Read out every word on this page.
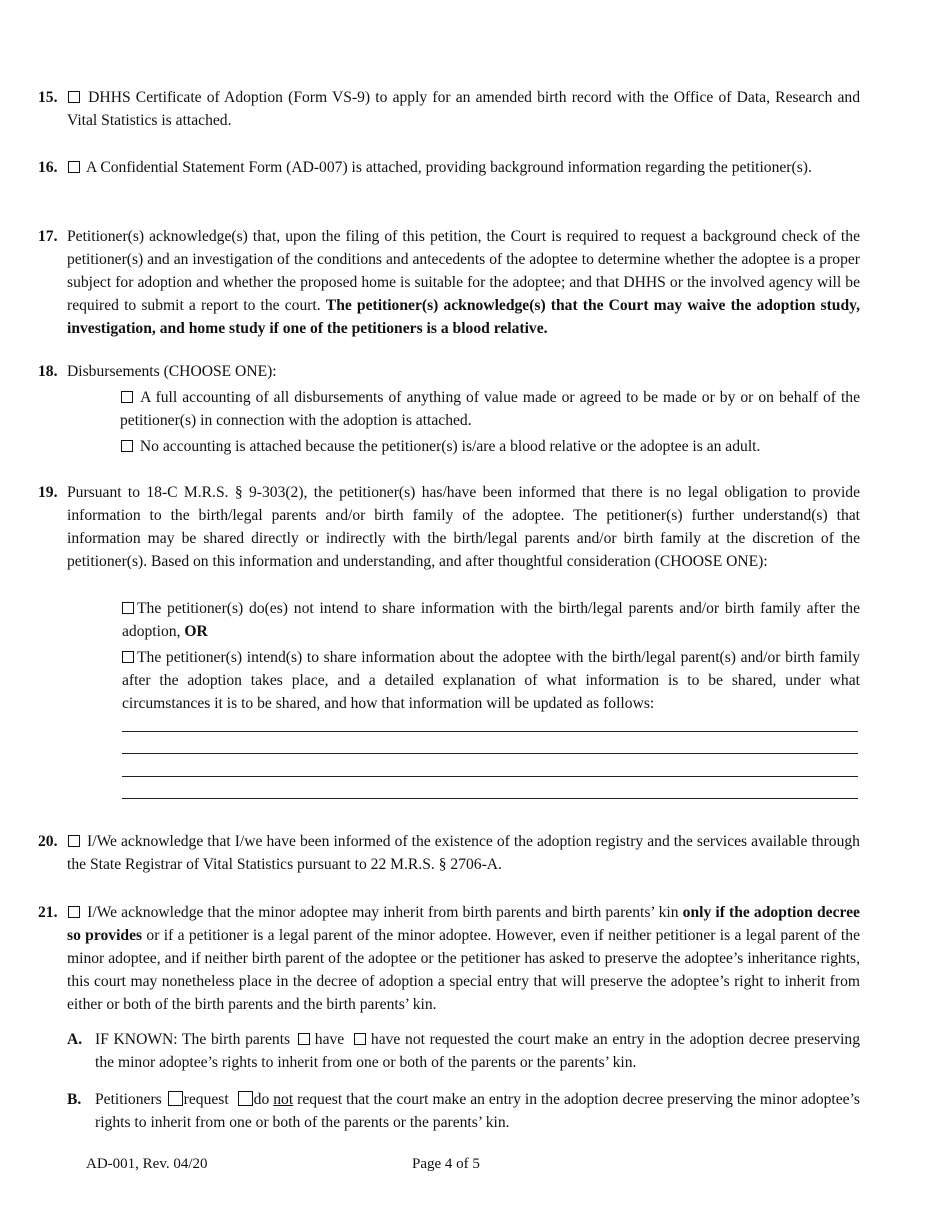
15.	DHHS Certificate of Adoption (Form VS-9) to apply for an amended birth record with the Office of Data, Research and Vital Statistics is attached.
16.	A Confidential Statement Form (AD-007) is attached, providing background information regarding the petitioner(s).
17. Petitioner(s) acknowledge(s) that, upon the filing of this petition, the Court is required to request a background check of the petitioner(s) and an investigation of the conditions and antecedents of the adoptee to determine whether the adoptee is a proper subject for adoption and whether the proposed home is suitable for the adoptee; and that DHHS or the involved agency will be required to submit a report to the court. The petitioner(s) acknowledge(s) that the Court may waive the adoption study, investigation, and home study if one of the petitioners is a blood relative.
18. Disbursements (CHOOSE ONE):
A full accounting of all disbursements of anything of value made or agreed to be made or by or on behalf of the petitioner(s) in connection with the adoption is attached.
No accounting is attached because the petitioner(s) is/are a blood relative or the adoptee is an adult.
19. Pursuant to 18-C M.R.S. § 9-303(2), the petitioner(s) has/have been informed that there is no legal obligation to provide information to the birth/legal parents and/or birth family of the adoptee. The petitioner(s) further understand(s) that information may be shared directly or indirectly with the birth/legal parents and/or birth family at the discretion of the petitioner(s). Based on this information and understanding, and after thoughtful consideration (CHOOSE ONE):
The petitioner(s) do(es) not intend to share information with the birth/legal parents and/or birth family after the adoption, OR
The petitioner(s) intend(s) to share information about the adoptee with the birth/legal parent(s) and/or birth family after the adoption takes place, and a detailed explanation of what information is to be shared, under what circumstances it is to be shared, and how that information will be updated as follows:
20.	I/We acknowledge that I/we have been informed of the existence of the adoption registry and the services available through the State Registrar of Vital Statistics pursuant to 22 M.R.S. § 2706-A.
21.	I/We acknowledge that the minor adoptee may inherit from birth parents and birth parents’ kin only if the adoption decree so provides or if a petitioner is a legal parent of the minor adoptee. However, even if neither petitioner is a legal parent of the minor adoptee, and if neither birth parent of the adoptee or the petitioner has asked to preserve the adoptee’s inheritance rights, this court may nonetheless place in the decree of adoption a special entry that will preserve the adoptee’s right to inherit from either or both of the birth parents and the birth parents’ kin.
A. IF KNOWN: The birth parents have have not requested the court make an entry in the adoption decree preserving the minor adoptee’s rights to inherit from one or both of the parents or the parents’ kin.
B. Petitioners request do not request that the court make an entry in the adoption decree preserving the minor adoptee’s rights to inherit from one or both of the parents or the parents’ kin.
AD-001, Rev. 04/20	Page 4 of 5
